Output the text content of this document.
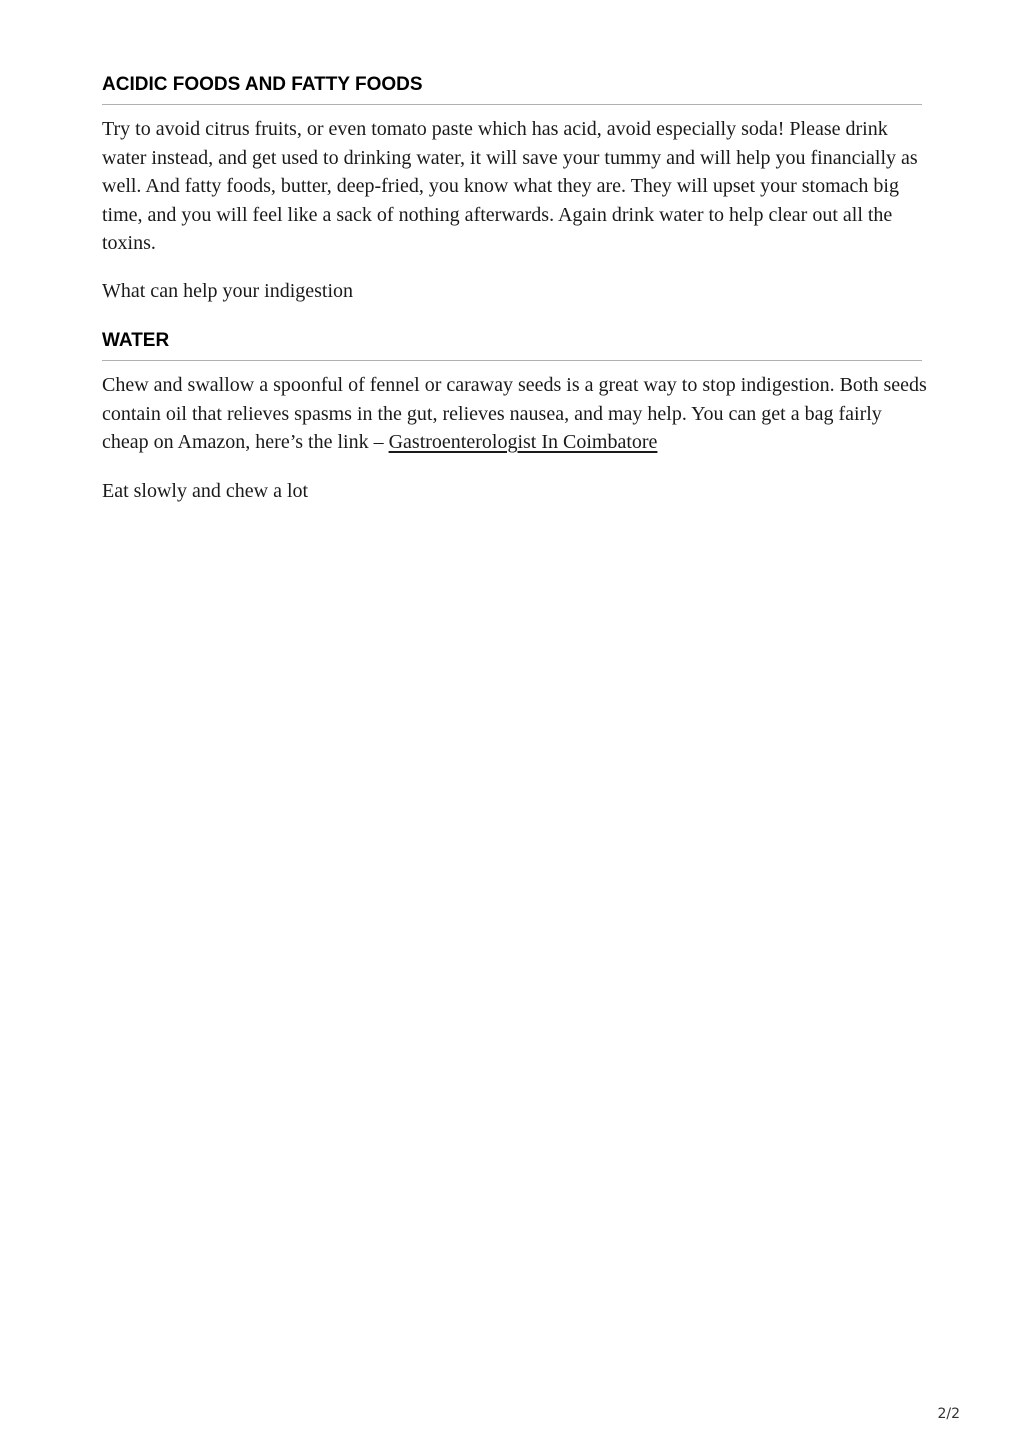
ACIDIC FOODS AND FATTY FOODS

Try to avoid citrus fruits, or even tomato paste which has acid, avoid especially soda! Please drink water instead, and get used to drinking water, it will save your tummy and will help you financially as well. And fatty foods, butter, deep-fried, you know what they are. They will upset your stomach big time, and you will feel like a sack of nothing afterwards. Again drink water to help clear out all the toxins.

What can help your indigestion

WATER

Chew and swallow a spoonful of fennel or caraway seeds is a great way to stop indigestion. Both seeds contain oil that relieves spasms in the gut, relieves nausea, and may help. You can get a bag fairly cheap on Amazon, here’s the link – Gastroenterologist In Coimbatore

Eat slowly and chew a lot

2/2
